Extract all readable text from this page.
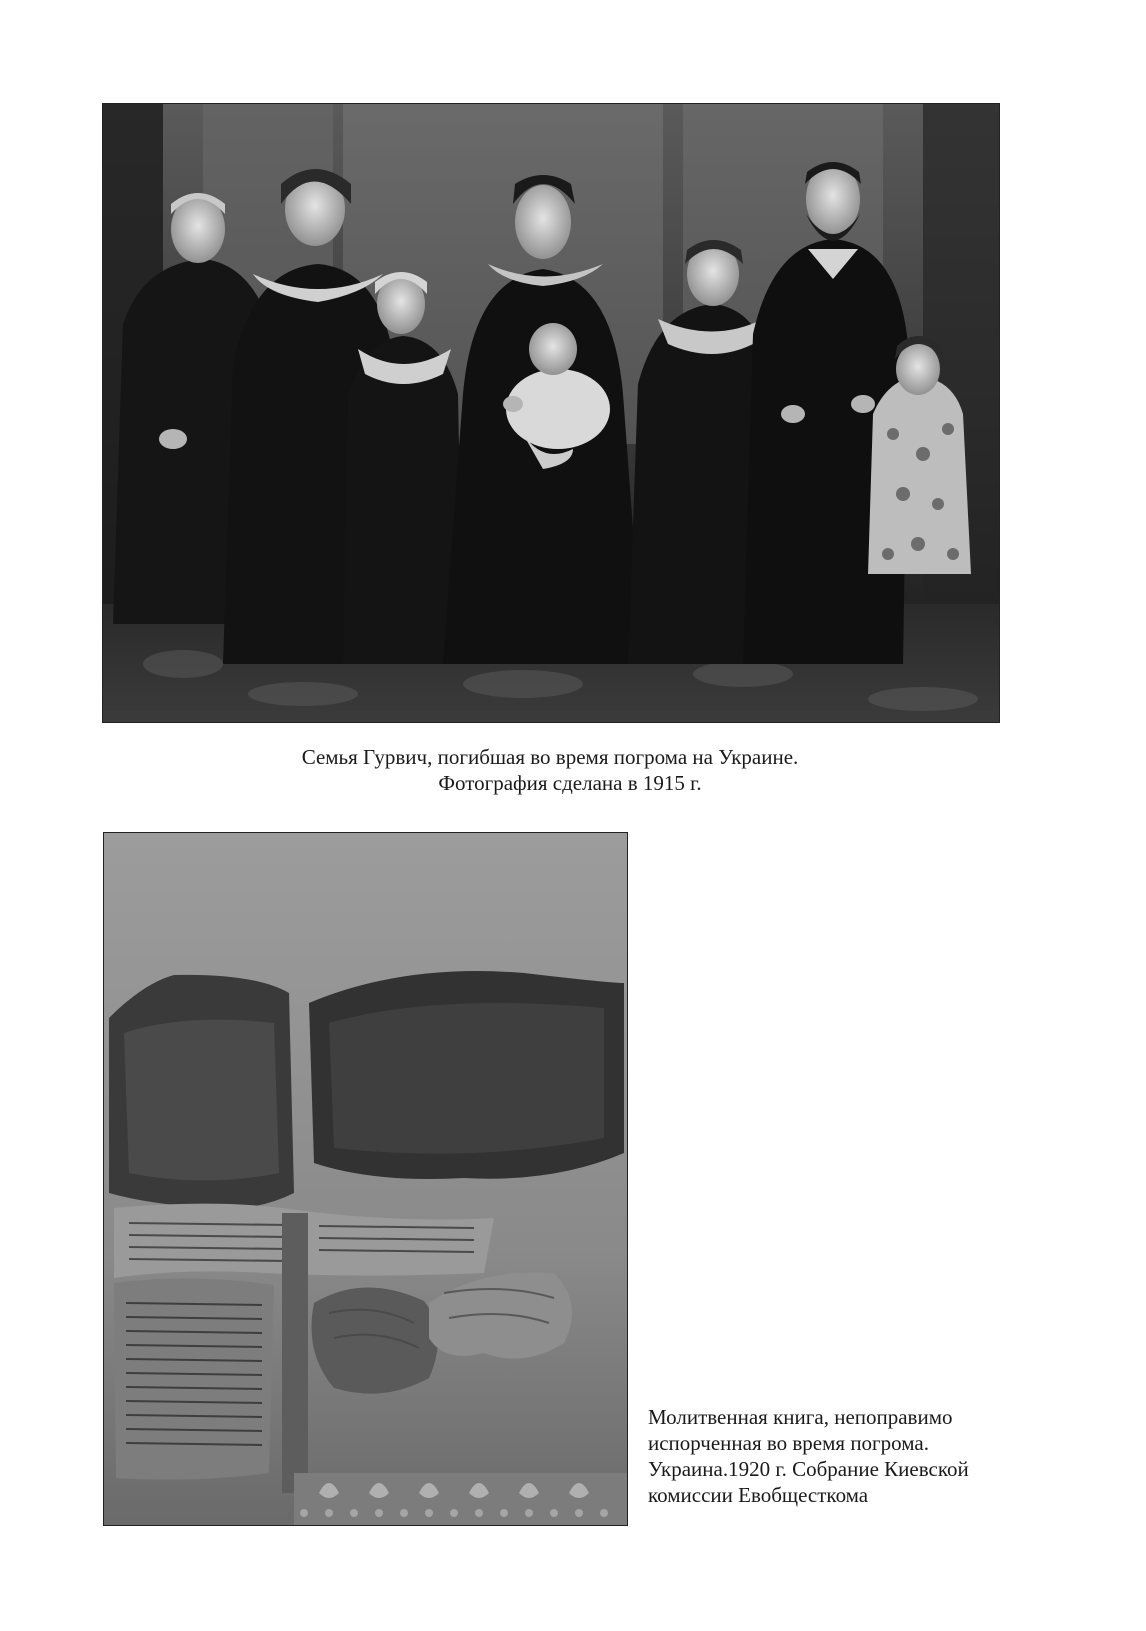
Семья Гурвич, погибшая во время погрома на Украине.
Фотография сделана в 1915 г.
Молитвенная книга, непоправимо
испорченная во время погрома.
Украина.1920 г. Собрание Киевской
комиссии Евобщесткома
